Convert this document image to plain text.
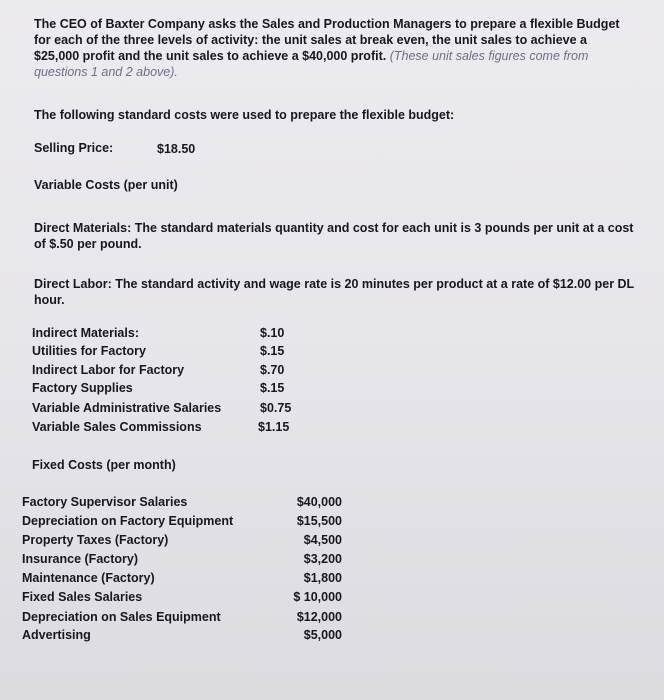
The CEO of Baxter Company asks the Sales and Production Managers to prepare a flexible Budget for each of the three levels of activity: the unit sales at break even, the unit sales to achieve a $25,000 profit and the unit sales to achieve a $40,000 profit. (These unit sales figures come from questions 1 and 2 above).
The following standard costs were used to prepare the flexible budget:
Selling Price:	$18.50
Variable Costs (per unit)
Direct Materials: The standard materials quantity and cost for each unit is 3 pounds per unit at a cost of $.50 per pound.
Direct Labor: The standard activity and wage rate is 20 minutes per product at a rate of $12.00 per DL hour.
Indirect Materials:	$.10
Utilities for Factory	$.15
Indirect Labor for Factory	$.70
Factory Supplies	$.15
Variable Administrative Salaries	$0.75
Variable Sales Commissions	$1.15
Fixed Costs (per month)
Factory Supervisor Salaries	$40,000
Depreciation on Factory Equipment	$15,500
Property Taxes (Factory)	$4,500
Insurance (Factory)	$3,200
Maintenance (Factory)	$1,800
Fixed Sales Salaries	$ 10,000
Depreciation on Sales Equipment	$12,000
Advertising	$5,000
